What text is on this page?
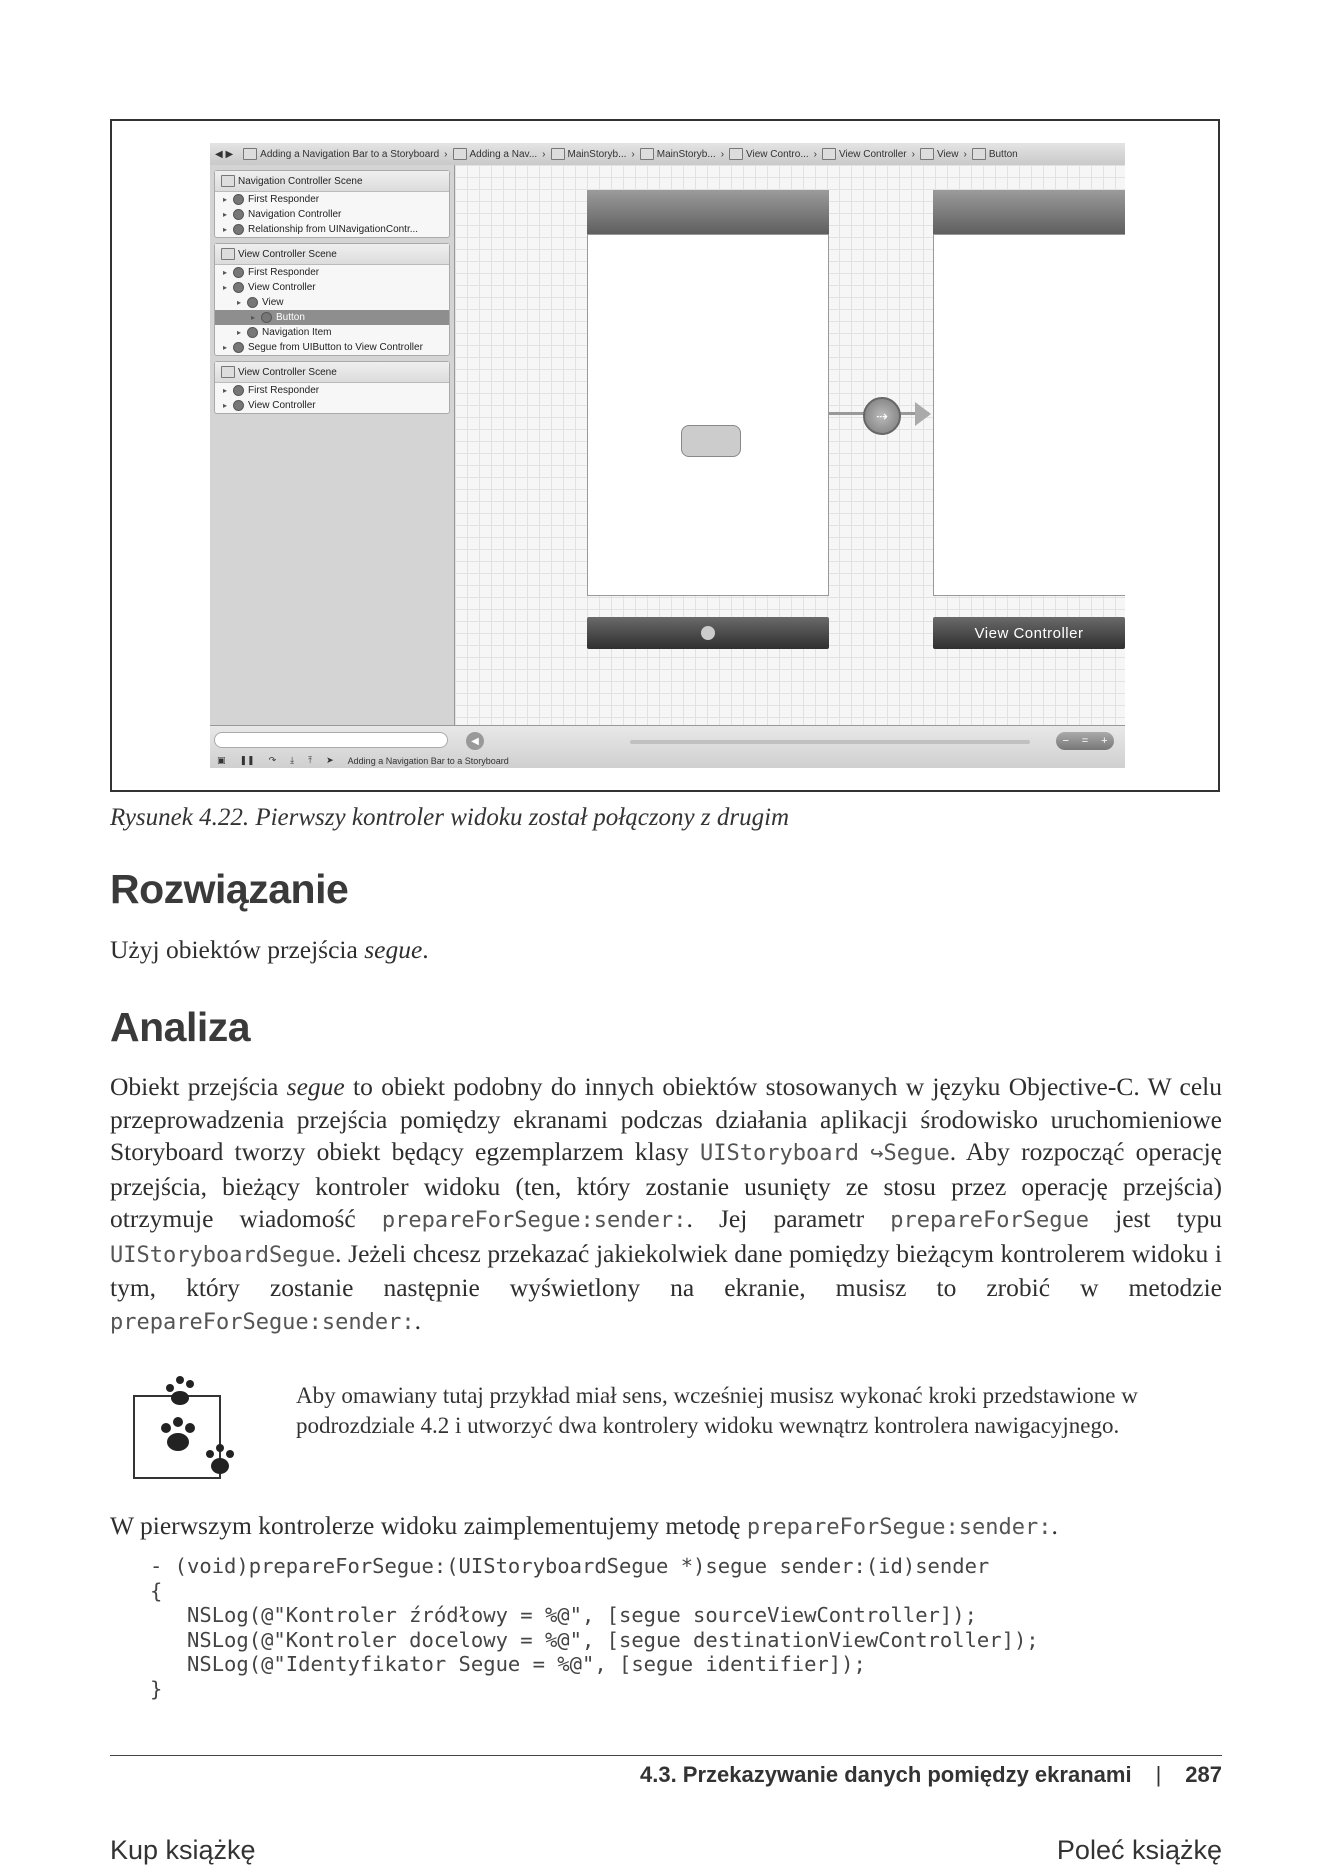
◀ ▶	Adding a Navigation Bar to a Storyboard › Adding a Nav... › MainStoryb... › MainStoryb... › View Contro... › View Controller › View › Button
Navigation Controller Scene
▸	First Responder
▸	Navigation Controller
▸	Relationship from UINavigationContr...
View Controller Scene
▸	First Responder
▸	View Controller
▸	View
▸	Button
▸	Navigation Item
▸	Segue from UIButton to View Controller
View Controller Scene
▸	First Responder
▸	View Controller
⇢
View Controller
◀	− = +
▣ ❚❚ ↷ ⤓ ⤒ ➤ Adding a Navigation Bar to a Storyboard
Rysunek 4.22. Pierwszy kontroler widoku został połączony z drugim
Rozwiązanie
Użyj obiektów przejścia segue.
Analiza
Obiekt przejścia segue to obiekt podobny do innych obiektów stosowanych w języku Objective-C. W celu przeprowadzenia przejścia pomiędzy ekranami podczas działania aplikacji środowisko uruchomieniowe Storyboard tworzy obiekt będący egzemplarzem klasy UIStoryboard ↪Segue. Aby rozpocząć operację przejścia, bieżący kontroler widoku (ten, który zostanie usunięty ze stosu przez operację przejścia) otrzymuje wiadomość prepareForSegue:sender:. Jej parametr prepareForSegue jest typu UIStoryboardSegue. Jeżeli chcesz przekazać jakiekolwiek dane pomiędzy bieżącym kontrolerem widoku i tym, który zostanie następnie wyświetlony na ekranie, musisz to zrobić w metodzie prepareForSegue:sender:.
Aby omawiany tutaj przykład miał sens, wcześniej musisz wykonać kroki przedstawione w podrozdziale 4.2 i utworzyć dwa kontrolery widoku wewnątrz kontrolera nawigacyjnego.
W pierwszym kontrolerze widoku zaimplementujemy metodę prepareForSegue:sender:.
- (void)prepareForSegue:(UIStoryboardSegue *)segue sender:(id)sender
{
NSLog(@"Kontroler źródłowy = %@", [segue sourceViewController]);
NSLog(@"Kontroler docelowy = %@", [segue destinationViewController]);
NSLog(@"Identyfikator Segue = %@", [segue identifier]);
}
4.3. Przekazywanie danych pomiędzy ekranami | 287
Kup książkę	Poleć książkę
